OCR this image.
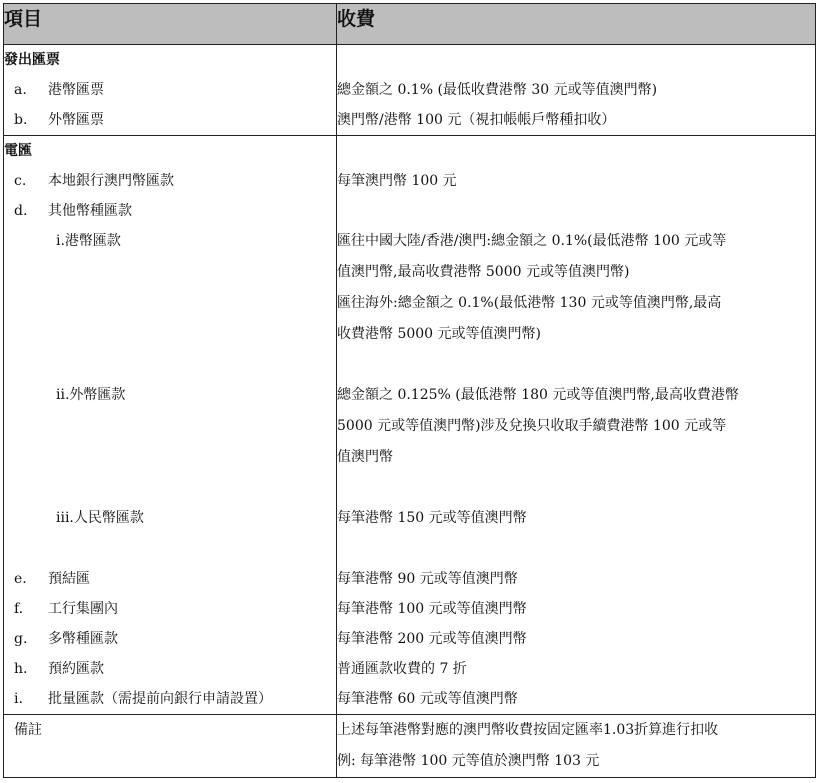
項目	收費
發出匯票	
a. 港幣匯票	總金額之 0.1% (最低收費港幣 30 元或等值澳門幣)
b. 外幣匯票	澳門幣/港幣 100 元（視扣帳帳戶幣種扣收）
電匯	
c. 本地銀行澳門幣匯款	每筆澳門幣 100 元
d. 其他幣種匯款	

i.港幣匯款	匯往中國大陸/香港/澳門:總金額之 0.1%(最低港幣 100 元或等
值澳門幣,最高收費港幣 5000 元或等值澳門幣)
匯往海外:總金額之 0.1%(最低港幣 130 元或等值澳門幣,最高
收費港幣 5000 元或等值澳門幣)

ii.外幣匯款	總金額之 0.125% (最低港幣 180 元或等值澳門幣,最高收費港幣
5000 元或等值澳門幣)涉及兌換只收取手續費港幣 100 元或等
值澳門幣

iii.人民幣匯款	每筆港幣 150 元或等值澳門幣

e. 預結匯	每筆港幣 90 元或等值澳門幣
f. 工行集團內	每筆港幣 100 元或等值澳門幣
g. 多幣種匯款	每筆港幣 200 元或等值澳門幣
h. 預約匯款	普通匯款收費的 7 折
i. 批量匯款（需提前向銀行申請設置）	每筆港幣 60 元或等值澳門幣

備註	上述每筆港幣對應的澳門幣收費按固定匯率1.03折算進行扣收
例: 每筆港幣 100 元等值於澳門幣 103 元
